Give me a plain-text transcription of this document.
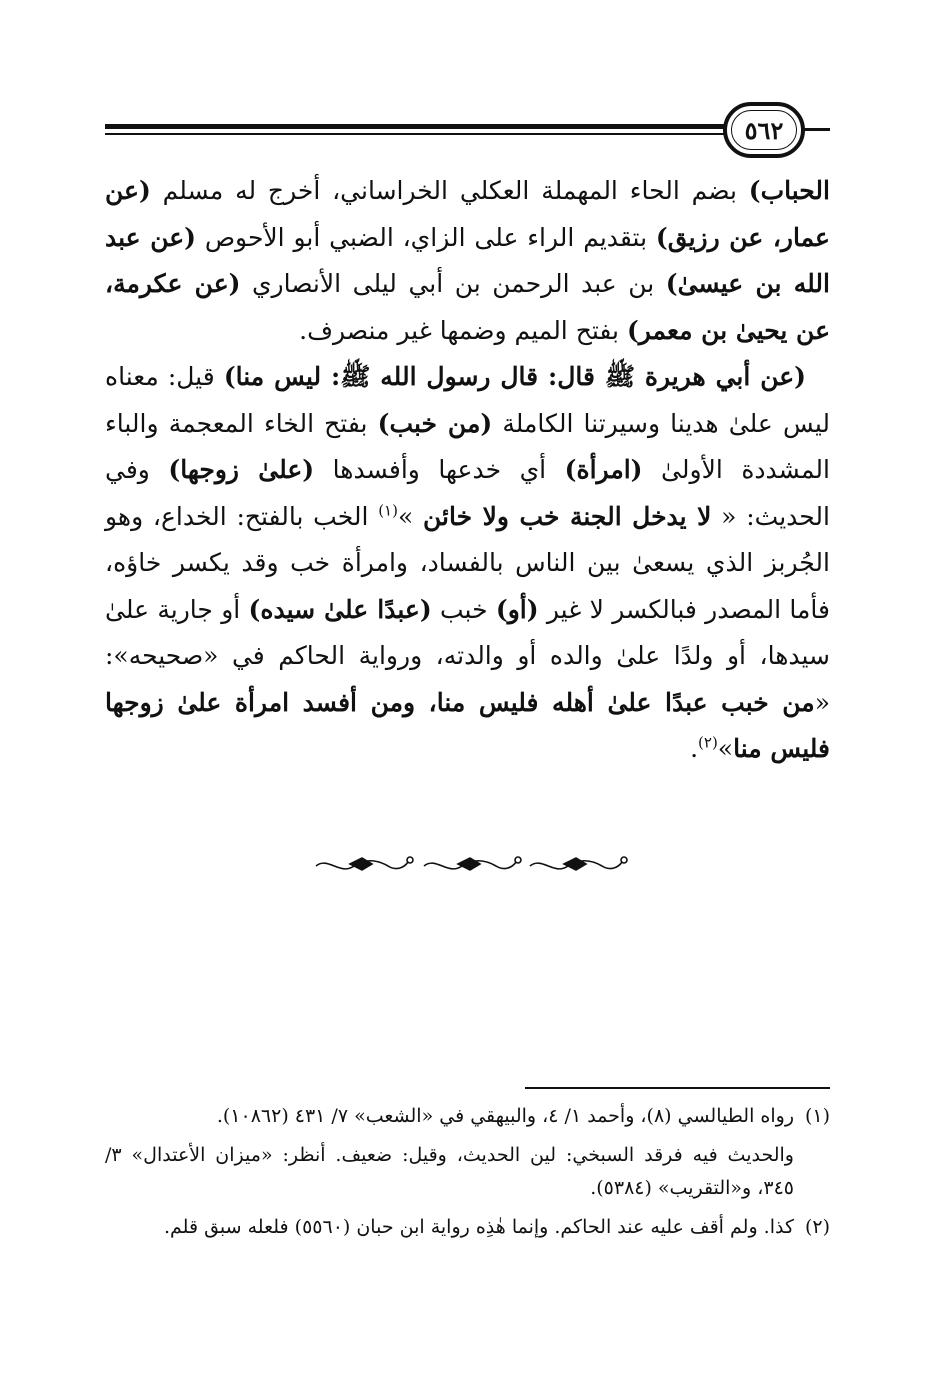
٥٦٢

الحباب) بضم الحاء المهملة العكلي الخراساني، أخرج له مسلم (عن عمار، عن رزيق) بتقديم الراء على الزاي، الضبي أبو الأحوص (عن عبد الله بن عيسىٰ) بن عبد الرحمن بن أبي ليلى الأنصاري (عن عكرمة، عن يحيىٰ بن معمر) بفتح الميم وضمها غير منصرف.

(عن أبي هريرة ﷺ قال: قال رسول الله ﷺ: ليس منا) قيل: معناه ليس علىٰ هدينا وسيرتنا الكاملة (من خبب) بفتح الخاء المعجمة والباء المشددة الأولىٰ (امرأة) أي خدعها وأفسدها (علىٰ زوجها) وفي الحديث: « لا يدخل الجنة خب ولا خائن »$^{(١)}$ الخب بالفتح: الخداع، وهو الجُربز الذي يسعىٰ بين الناس بالفساد، وامرأة خب وقد يكسر خاؤه، فأما المصدر فبالكسر لا غير (أو) خبب (عبدًا علىٰ سيده) أو جارية علىٰ سيدها، أو ولدًا علىٰ والده أو والدته، ورواية الحاكم في «صحيحه»: «من خبب عبدًا علىٰ أهله فليس منا، ومن أفسد امرأة علىٰ زوجها فليس منا»$^{(٢)}$.

(١)رواه الطيالسي (٨)، وأحمد ١/ ٤، والبيهقي في «الشعب» ٧/ ٤٣١ (١٠٨٦٢).

والحديث فيه فرقد السبخي: لين الحديث، وقيل: ضعيف. أنظر: «ميزان الأعتدال» ٣/ ٣٤٥، و«التقريب» (٥٣٨٤).

(٢)كذا. ولم أقف عليه عند الحاكم. وإنما هٰذِه رواية ابن حبان (٥٥٦٠) فلعله سبق قلم.
